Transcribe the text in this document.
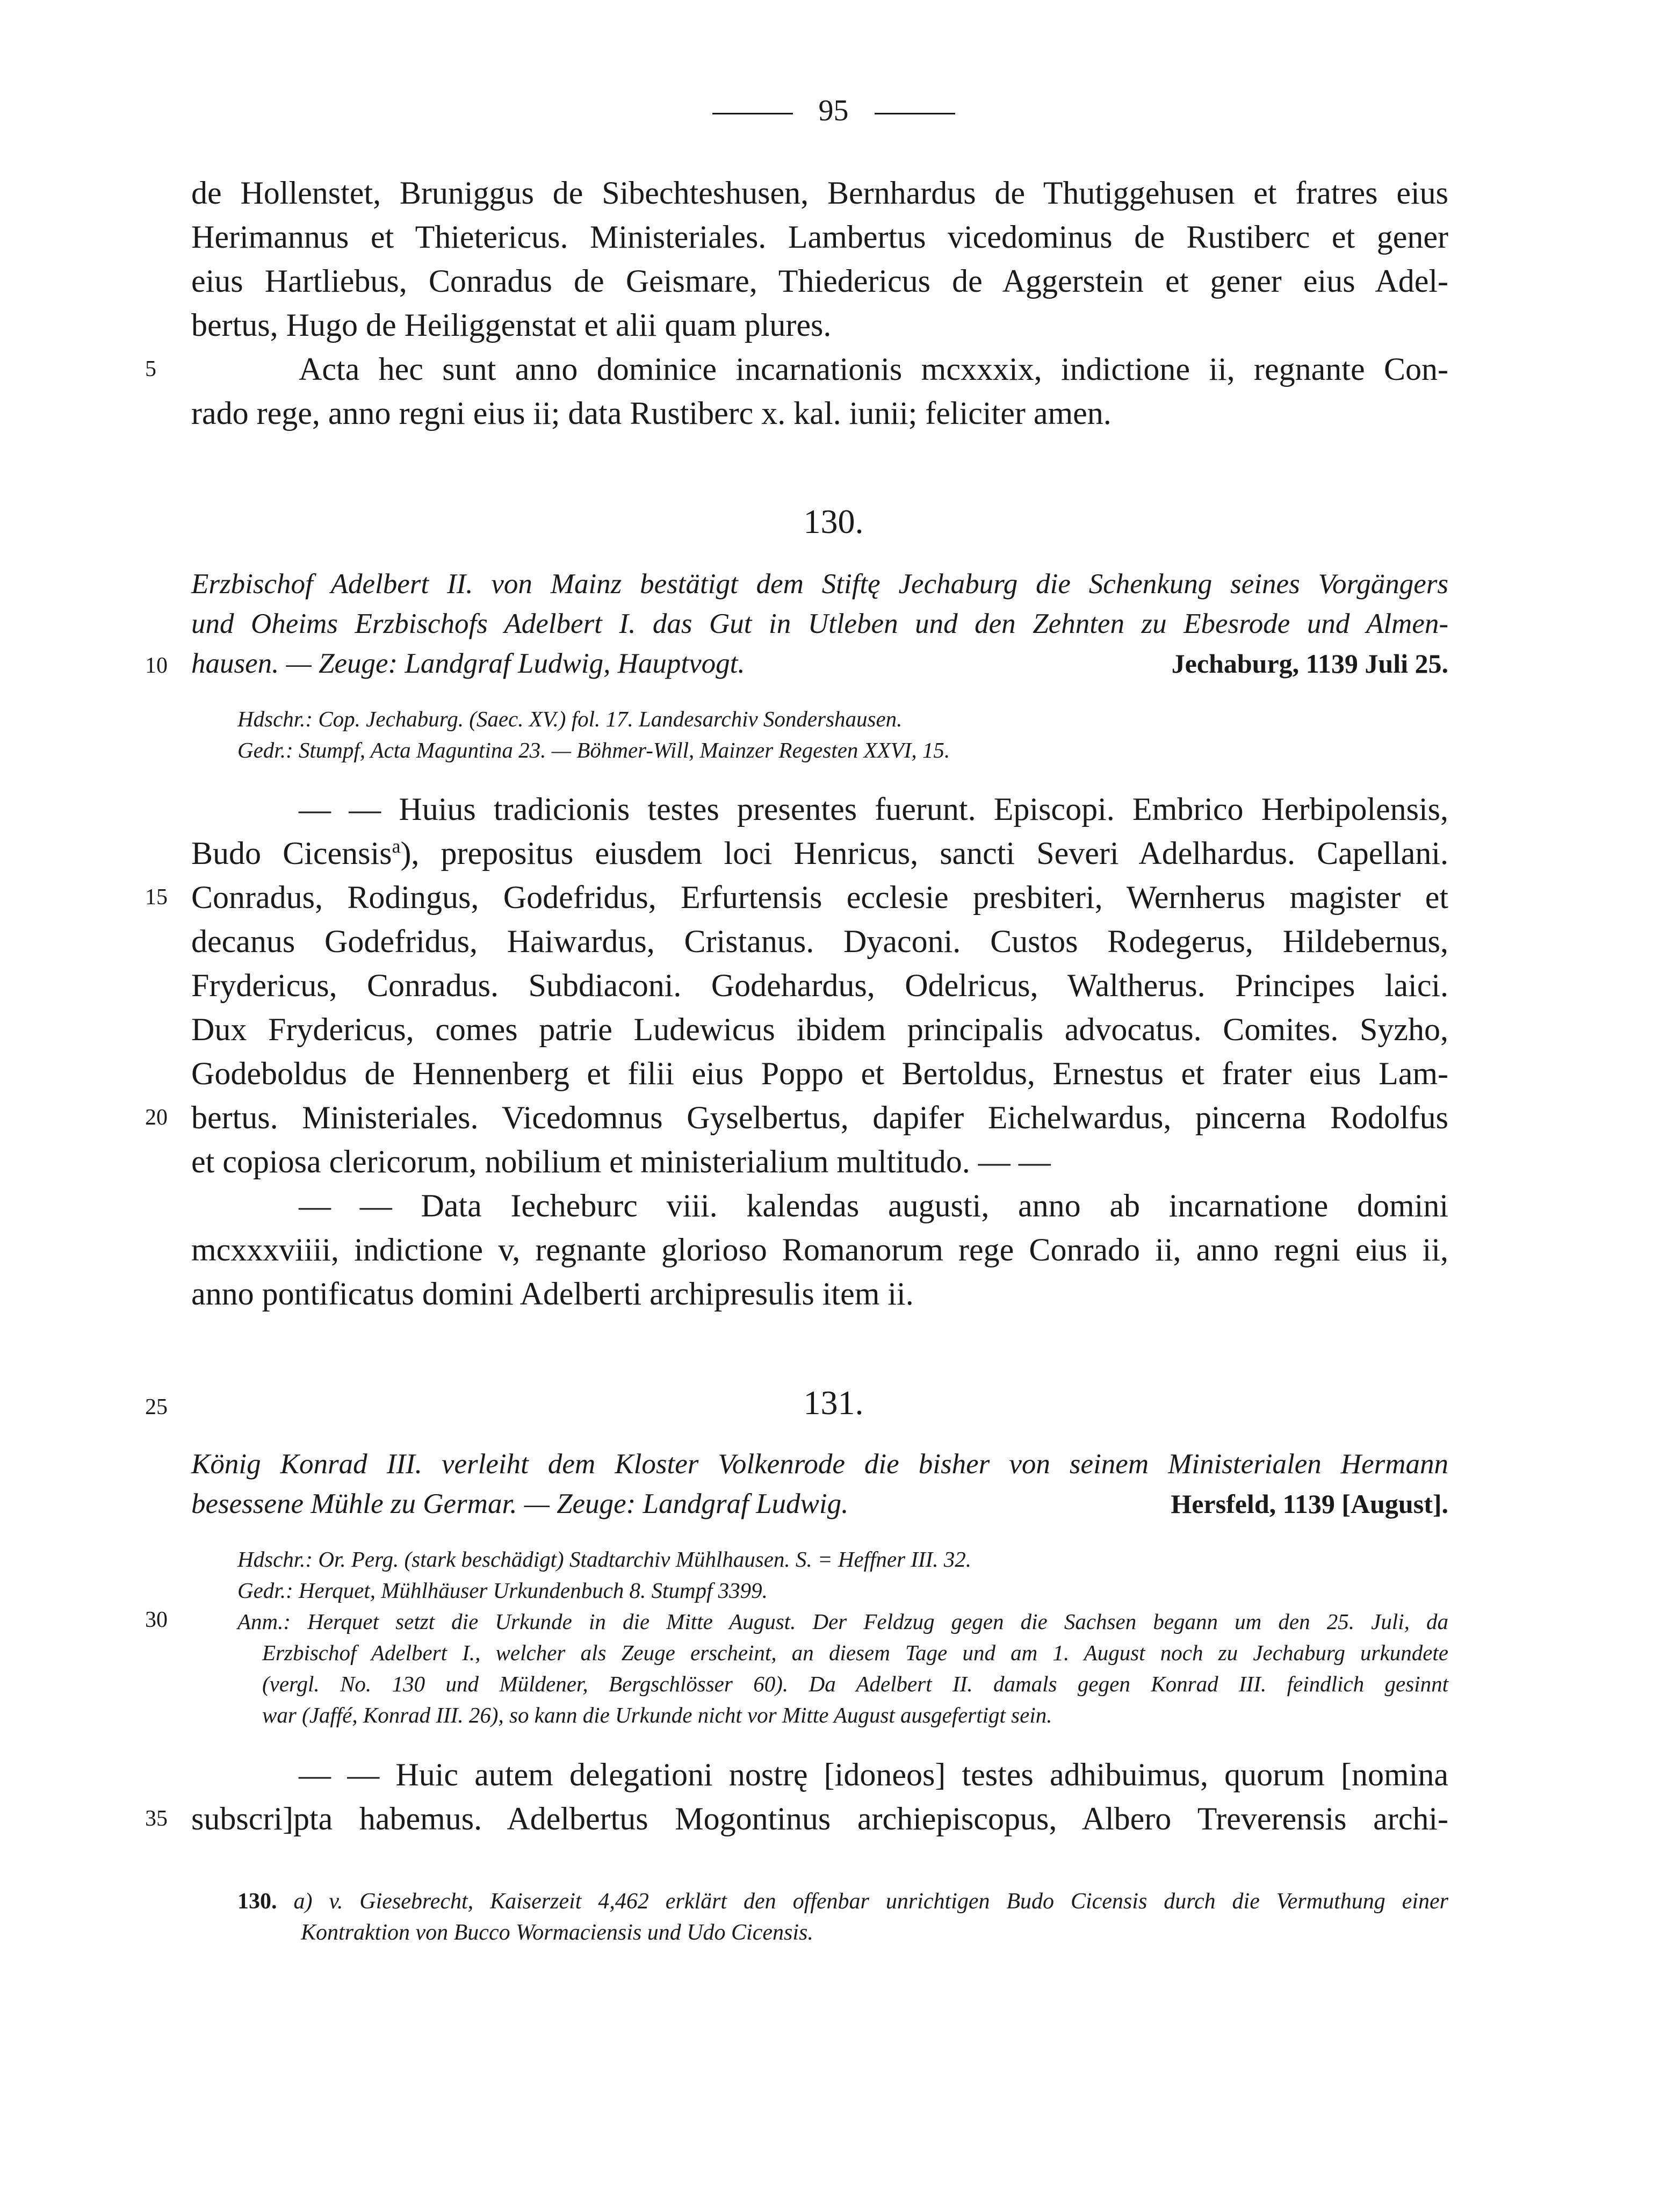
95
de Hollenstet, Bruniggus de Sibechteshusen, Bernhardus de Thutiggehusen et fratres eius
Herimannus et Thietericus. Ministeriales. Lambertus vicedominus de Rustiberc et gener
eius Hartliebus, Conradus de Geismare, Thiedericus de Aggerstein et gener eius Adel-
bertus, Hugo de Heiliggenstat et alii quam plures.
5	Acta hec sunt anno dominice incarnationis mcxxxix, indictione ii, regnante Con-
rado rege, anno regni eius ii; data Rustiberc x. kal. iunii; feliciter amen.
130.
Erzbischof Adelbert II. von Mainz bestätigt dem Stiftę Jechaburg die Schenkung seines Vorgängers
und Oheims Erzbischofs Adelbert I. das Gut in Utleben und den Zehnten zu Ebesrode und Almen-
10 hausen. — Zeuge: Landgraf Ludwig, Hauptvogt.	Jechaburg, 1139 Juli 25.
Hdschr.: Cop. Jechaburg. (Saec. XV.) fol. 17. Landesarchiv Sondershausen.
Gedr.: Stumpf, Acta Maguntina 23. — Böhmer-Will, Mainzer Regesten XXVI, 15.
— — Huius tradicionis testes presentes fuerunt. Episcopi. Embrico Herbipolensis,
Budo Cicensis$^a$), prepositus eiusdem loci Henricus, sancti Severi Adelhardus. Capellani.
15 Conradus, Rodingus, Godefridus, Erfurtensis ecclesie presbiteri, Wernherus magister et
decanus Godefridus, Haiwardus, Cristanus. Dyaconi. Custos Rodegerus, Hildebernus,
Frydericus, Conradus. Subdiaconi. Godehardus, Odelricus, Waltherus. Principes laici.
Dux Frydericus, comes patrie Ludewicus ibidem principalis advocatus. Comites. Syzho,
Godeboldus de Hennenberg et filii eius Poppo et Bertoldus, Ernestus et frater eius Lam-
20 bertus. Ministeriales. Vicedomnus Gyselbertus, dapifer Eichelwardus, pincerna Rodolfus
et copiosa clericorum, nobilium et ministerialium multitudo. — —
— — Data Iecheburc viii. kalendas augusti, anno ab incarnatione domini
mcxxxviiii, indictione v, regnante glorioso Romanorum rege Conrado ii, anno regni eius ii,
anno pontificatus domini Adelberti archipresulis item ii.
25	131.
König Konrad III. verleiht dem Kloster Volkenrode die bisher von seinem Ministerialen Hermann
besessene Mühle zu Germar. — Zeuge: Landgraf Ludwig.	Hersfeld, 1139 [August].
Hdschr.: Or. Perg. (stark beschädigt) Stadtarchiv Mühlhausen. S. = Heffner III. 32.
Gedr.: Herquet, Mühlhäuser Urkundenbuch 8. Stumpf 3399.
30	Anm.: Herquet setzt die Urkunde in die Mitte August. Der Feldzug gegen die Sachsen begann um den 25. Juli, da
Erzbischof Adelbert I., welcher als Zeuge erscheint, an diesem Tage und am 1. August noch zu Jechaburg urkundete
(vergl. No. 130 und Müldener, Bergschlösser 60). Da Adelbert II. damals gegen Konrad III. feindlich gesinnt
war (Jaffé, Konrad III. 26), so kann die Urkunde nicht vor Mitte August ausgefertigt sein.
— — Huic autem delegationi nostrę [idoneos] testes adhibuimus, quorum [nomina
35 subscri]pta habemus. Adelbertus Mogontinus archiepiscopus, Albero Treverensis archi-
130. a) v. Giesebrecht, Kaiserzeit 4,462 erklärt den offenbar unrichtigen Budo Cicensis durch die Vermuthung einer
Kontraktion von Bucco Wormaciensis und Udo Cicensis.
